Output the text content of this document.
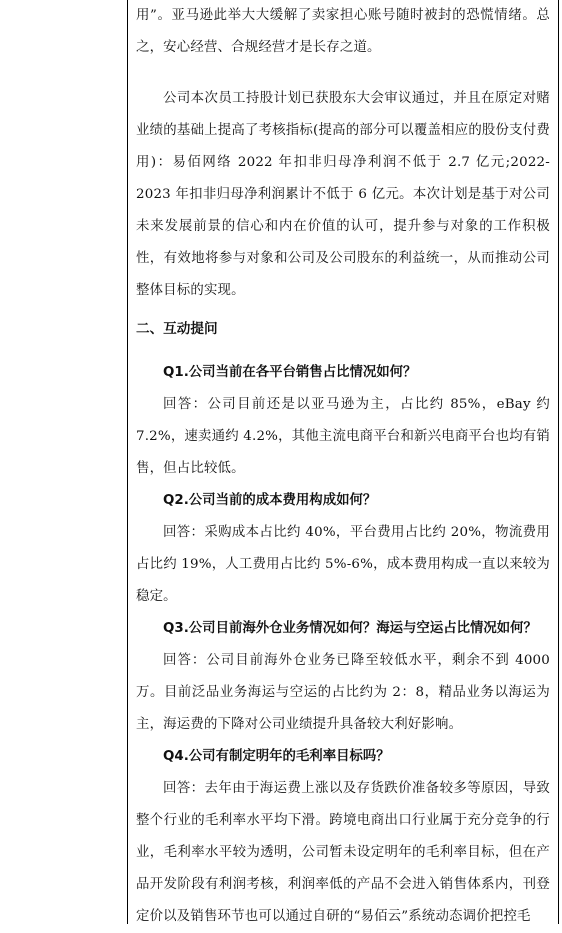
用”。亚马逊此举大大缓解了卖家担心账号随时被封的恐慌情绪。总之，安心经营、合规经营才是长存之道。

公司本次员工持股计划已获股东大会审议通过，并且在原定对赌业绩的基础上提高了考核指标(提高的部分可以覆盖相应的股份支付费用)：易佰网络 2022 年扣非归母净利润不低于 2.7 亿元;2022-2023 年扣非归母净利润累计不低于 6 亿元。本次计划是基于对公司未来发展前景的信心和内在价值的认可，提升参与对象的工作积极性，有效地将参与对象和公司及公司股东的利益统一，从而推动公司整体目标的实现。

二、互动提问

Q1.公司当前在各平台销售占比情况如何？

回答：公司目前还是以亚马逊为主，占比约 85%，eBay 约 7.2%，速卖通约 4.2%，其他主流电商平台和新兴电商平台也均有销售，但占比较低。

Q2.公司当前的成本费用构成如何？

回答：采购成本占比约 40%，平台费用占比约 20%，物流费用占比约 19%，人工费用占比约 5%-6%，成本费用构成一直以来较为稳定。

Q3.公司目前海外仓业务情况如何？海运与空运占比情况如何？

回答：公司目前海外仓业务已降至较低水平，剩余不到 4000 万。目前泛品业务海运与空运的占比约为 2：8，精品业务以海运为主，海运费的下降对公司业绩提升具备较大利好影响。

Q4.公司有制定明年的毛利率目标吗？

回答：去年由于海运费上涨以及存货跌价准备较多等原因，导致整个行业的毛利率水平均下滑。跨境电商出口行业属于充分竞争的行业，毛利率水平较为透明，公司暂未设定明年的毛利率目标，但在产品开发阶段有利润考核，利润率低的产品不会进入销售体系内，刊登定价以及销售环节也可以通过自研的“易佰云”系统动态调价把控毛
